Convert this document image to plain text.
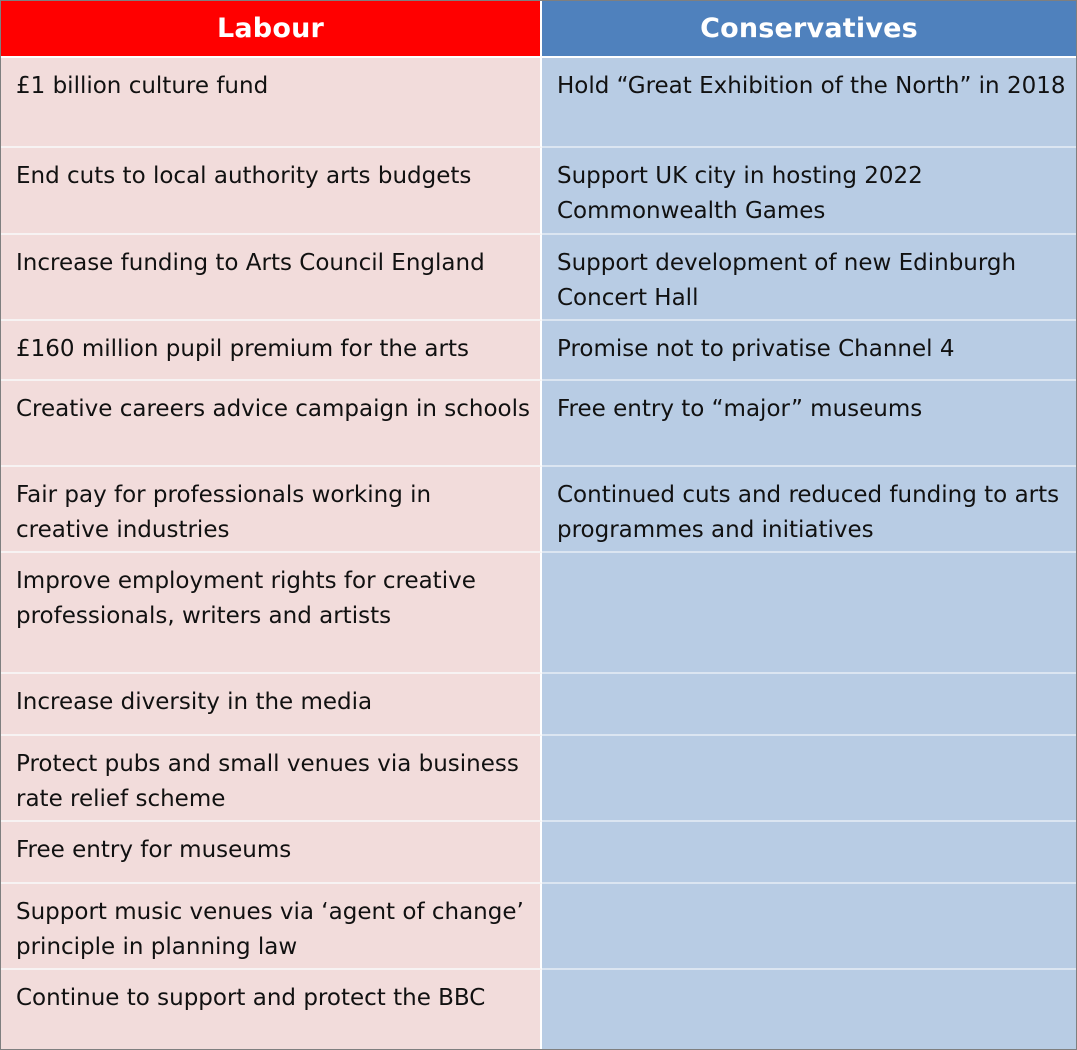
Labour	Conservatives
£1 billion culture fund	Hold “Great Exhibition of the North” in 2018
End cuts to local authority arts budgets	Support UK city in hosting 2022 Commonwealth Games
Increase funding to Arts Council England	Support development of new Edinburgh Concert Hall
£160 million pupil premium for the arts	Promise not to privatise Channel 4
Creative careers advice campaign in schools	Free entry to “major” museums
Fair pay for professionals working in creative industries	Continued cuts and reduced funding to arts programmes and initiatives
Improve employment rights for creative professionals, writers and artists	
Increase diversity in the media	
Protect pubs and small venues via business rate relief scheme	
Free entry for museums	
Support music venues via ‘agent of change’ principle in planning law	
Continue to support and protect the BBC	
